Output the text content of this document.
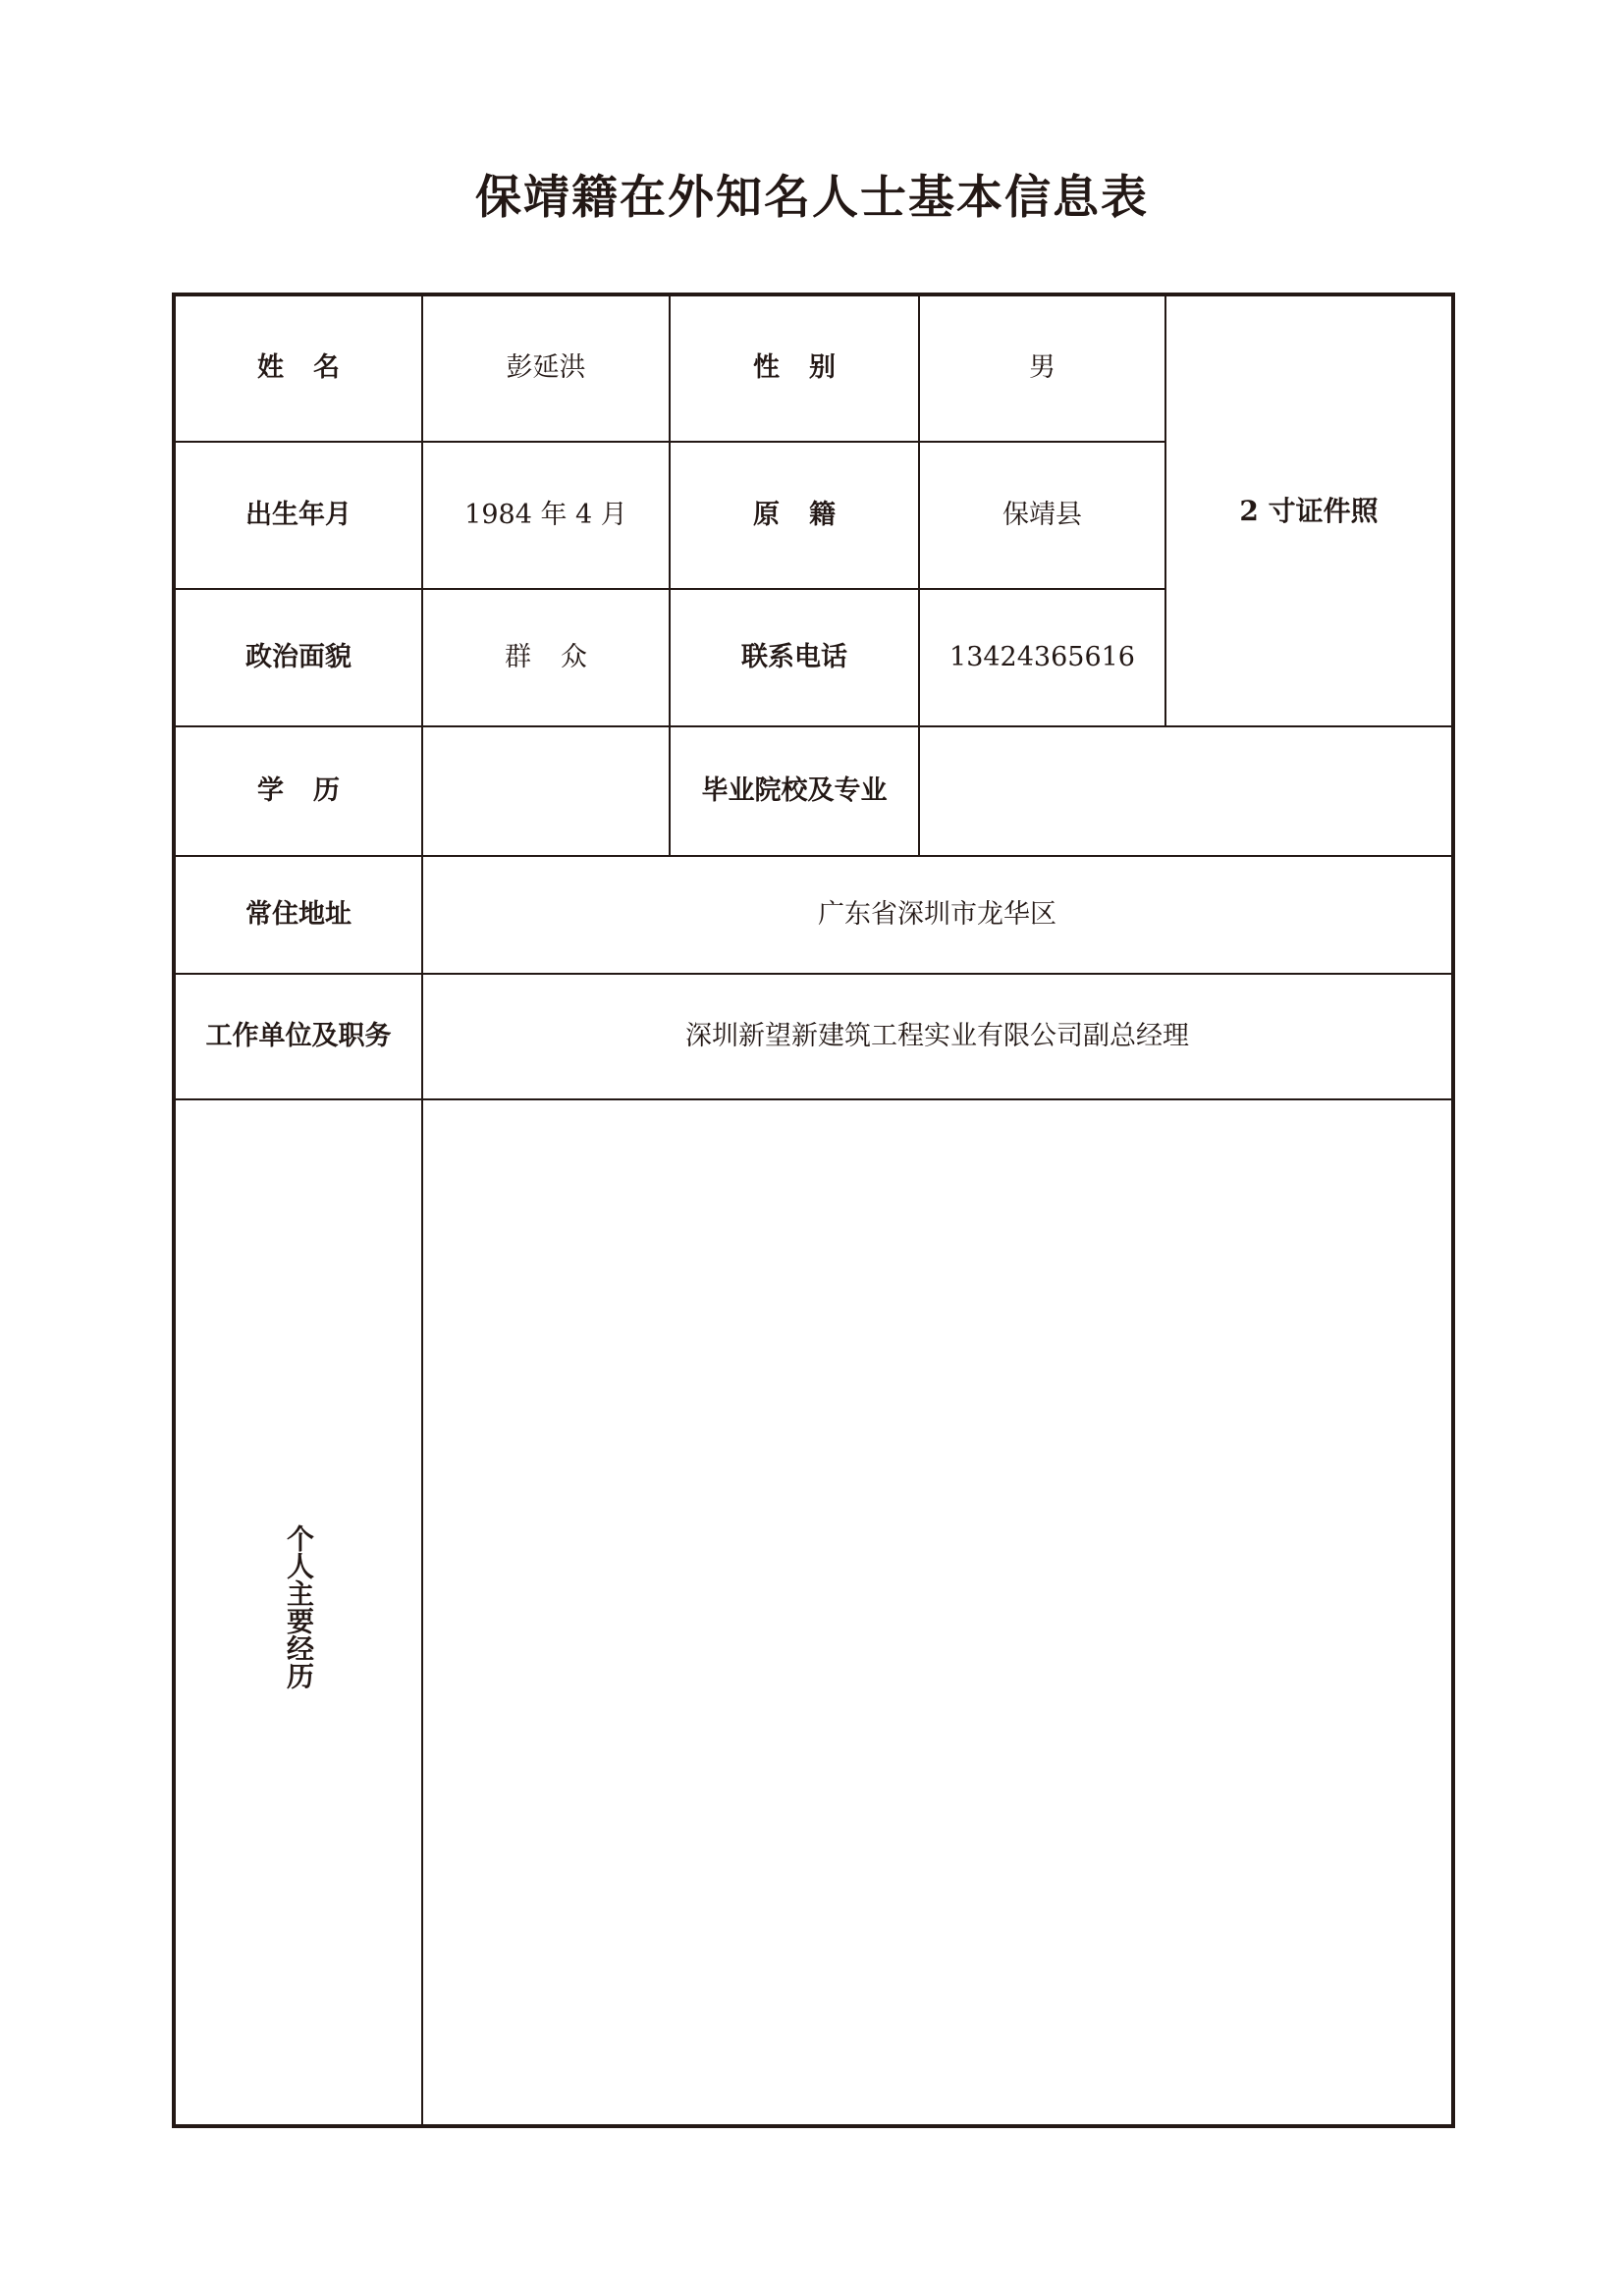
保靖籍在外知名人士基本信息表
姓 名	彭延洪	性 别	男	2 寸证件照
出生年月	1984 年 4 月	原 籍	保靖县	
政治面貌	群 众	联系电话	13424365616	
学 历		毕业院校及专业		
常住地址	广东省深圳市龙华区			
工作单位及职务	深圳新望新建筑工程实业有限公司副总经理			
个人主要经历				
